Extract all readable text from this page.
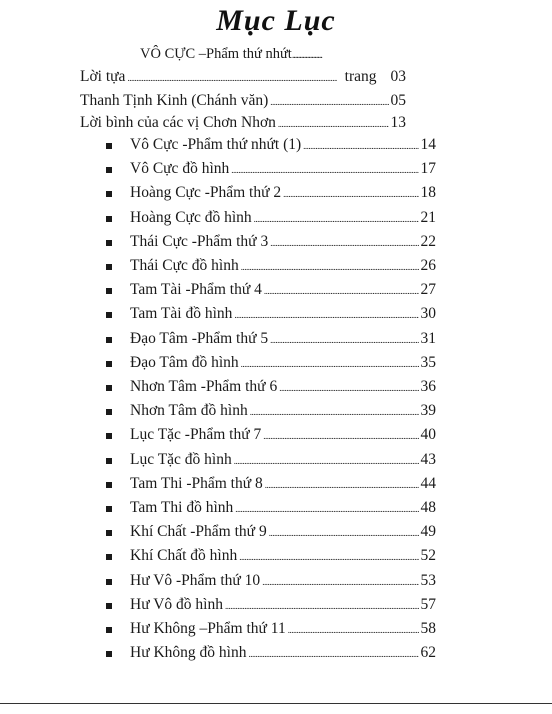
Mục Lục
VÔ CỰC –Phẩm thứ nhứt....................
Lời tựa .....	trang 03
Thanh Tịnh Kinh (Chánh văn) .....	05
Lời bình của các vị Chơn Nhơn .....	13
Vô Cực -Phẩm thứ nhứt (1) .....	14
Vô Cực đồ hình .....	17
Hoàng Cực -Phẩm thứ 2 .....	18
Hoàng Cực đồ hình .....	21
Thái Cực -Phẩm thứ 3 .....	22
Thái Cực đồ hình .....	26
Tam Tài -Phẩm thứ 4 .....	27
Tam Tài đồ hình .....	30
Đạo Tâm -Phẩm thứ 5 .....	31
Đạo Tâm đồ hình .....	35
Nhơn Tâm -Phẩm thứ 6 .....	36
Nhơn Tâm đồ hình .....	39
Lục Tặc -Phẩm thứ 7 .....	40
Lục Tặc đồ hình .....	43
Tam Thi -Phẩm thứ 8 .....	44
Tam Thi đồ hình .....	48
Khí Chất -Phẩm thứ 9 .....	49
Khí Chất đồ hình .....	52
Hư Vô -Phẩm thứ 10 .....	53
Hư Vô đồ hình .....	57
Hư Không –Phẩm thứ 11 .....	58
Hư Không đồ hình .....	62
